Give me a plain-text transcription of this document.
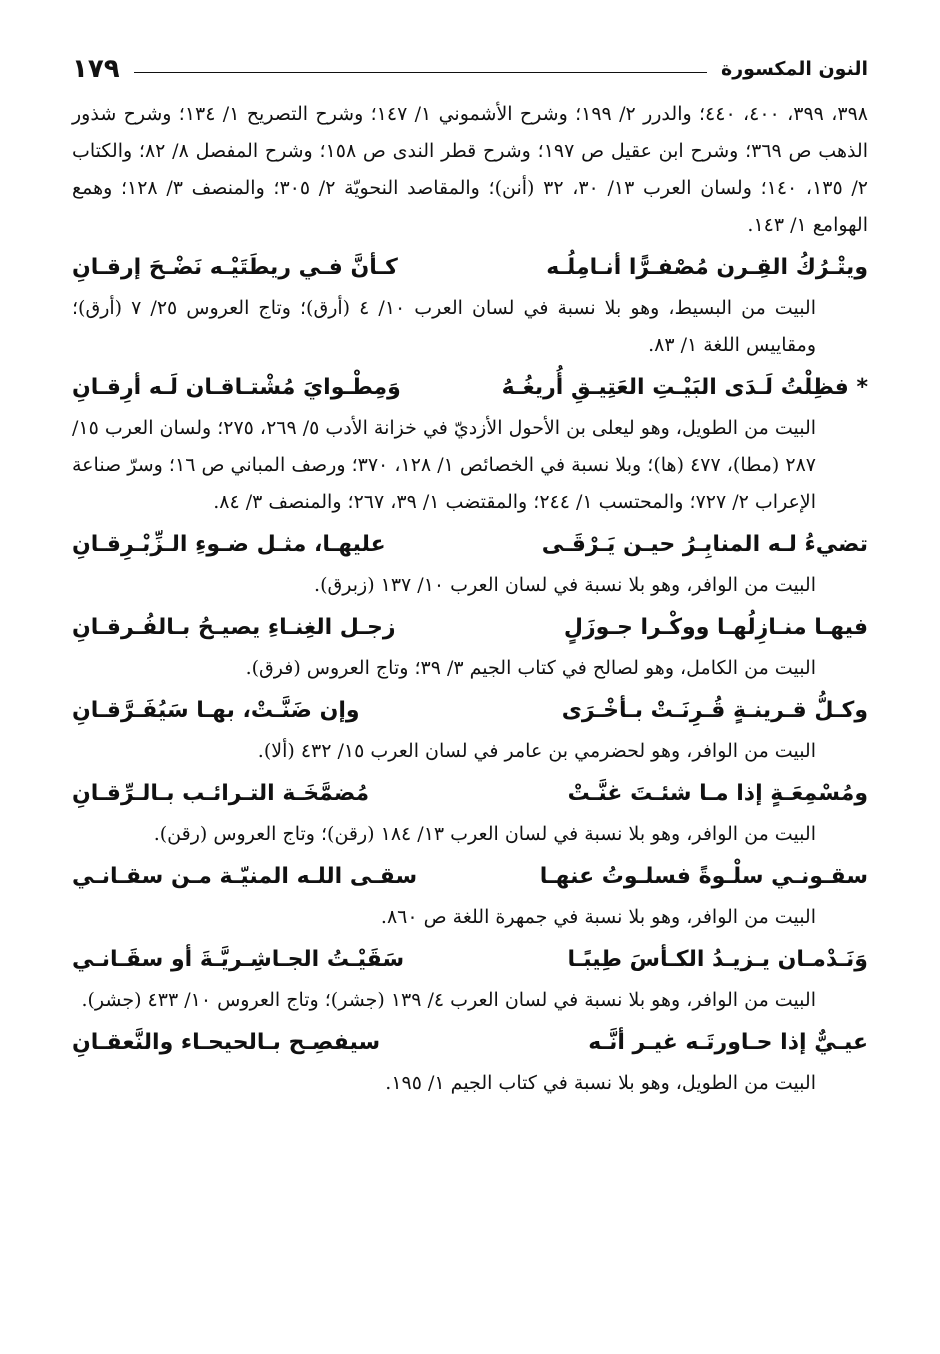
النون المكسورة
١٧٩

٣٩٨، ٣٩٩، ٤٠٠، ٤٤٠؛ والدرر ٢/ ١٩٩؛ وشرح الأشموني ١/ ١٤٧؛ وشرح التصريح ١/ ١٣٤؛ وشرح شذور الذهب ص ٣٦٩؛ وشرح ابن عقيل ص ١٩٧؛ وشرح قطر الندى ص ١٥٨؛ وشرح المفصل ٨/ ٨٢؛ والكتاب ٢/ ١٣٥، ١٤٠؛ ولسان العرب ١٣/ ٣٠، ٣٢ (أنن)؛ والمقاصد النحويّة ٢/ ٣٠٥؛ والمنصف ٣/ ١٢٨؛ وهمع الهوامع ١/ ١٤٣.

ويتْـرُكُ القِـرن مُصْفـرًّا أنـامِلُـه
كـأنَّ فـي ريطَتَيْـه نَضْـحَ إرقـانِ

البيت من البسيط، وهو بلا نسبة في لسان العرب ١٠/ ٤ (أرق)؛ وتاج العروس ٢٥/ ٧ (أرق)؛ ومقاييس اللغة ١/ ٨٣.

* فظِلْتُ لَـدَى البَيْـتِ العَتِيـقِ أُريغُـهُ
وَمِطْـوايَ مُشْتـاقـان لَـه أرِقـانِ

البيت من الطويل، وهو ليعلى بن الأحول الأزديّ في خزانة الأدب ٥/ ٢٦٩، ٢٧٥؛ ولسان العرب ١٥/ ٢٨٧ (مطا)، ٤٧٧ (ها)؛ وبلا نسبة في الخصائص ١/ ١٢٨، ٣٧٠؛ ورصف المباني ص ١٦؛ وسرّ صناعة الإعراب ٢/ ٧٢٧؛ والمحتسب ١/ ٢٤٤؛ والمقتضب ١/ ٣٩، ٢٦٧؛ والمنصف ٣/ ٨٤.

تضيءُ لـه المنابِـرُ حيـن يَـرْقَـى
عليهـا، مثـل ضـوءِ الـزِّبْـرِقـانِ

البيت من الوافر، وهو بلا نسبة في لسان العرب ١٠/ ١٣٧ (زبرق).

فيهـا منـازِلُهـا ووكْـرا جـوزَلٍ
زجـل الغِنـاءِ يصيـحُ بـالفُـرقـانِ

البيت من الكامل، وهو لصالح في كتاب الجيم ٣/ ٣٩؛ وتاج العروس (فرق).

وكـلُّ قـرينـةٍ قُـرِنَـتْ بـأخْـرَى
وإن ضَنَّـتْ، بهـا سَيُفَـرَّقـانِ

البيت من الوافر، وهو لحضرمي بن عامر في لسان العرب ١٥/ ٤٣٢ (ألا).

ومُسْمِعَـةٍ إذا مـا شئـتَ غنَّـتْ
مُضمَّخَـة التـرائـب بـالـرِّقـانِ

البيت من الوافر، وهو بلا نسبة في لسان العرب ١٣/ ١٨٤ (رقن)؛ وتاج العروس (رقن).

سقـونـي سلْـوةً فسلـوتُ عنهـا
سقـى اللـه المنيّـة مـن سقـانـي

البيت من الوافر، وهو بلا نسبة في جمهرة اللغة ص ٨٦٠.

وَنَـدْمـان يـزيـدُ الكـأسَ طِيبًـا
سَقَيْـتُ الجـاشِـريَّـةَ أو سقَـانـي

البيت من الوافر، وهو بلا نسبة في لسان العرب ٤/ ١٣٩ (جشر)؛ وتاج العروس ١٠/ ٤٣٣ (جشر).

عيـيٌّ إذا حـاورتَـه غيـر أنَّـه
سيفصِـح بـالحيحـاء والنَّعقـانِ

البيت من الطويل، وهو بلا نسبة في كتاب الجيم ١/ ١٩٥.
